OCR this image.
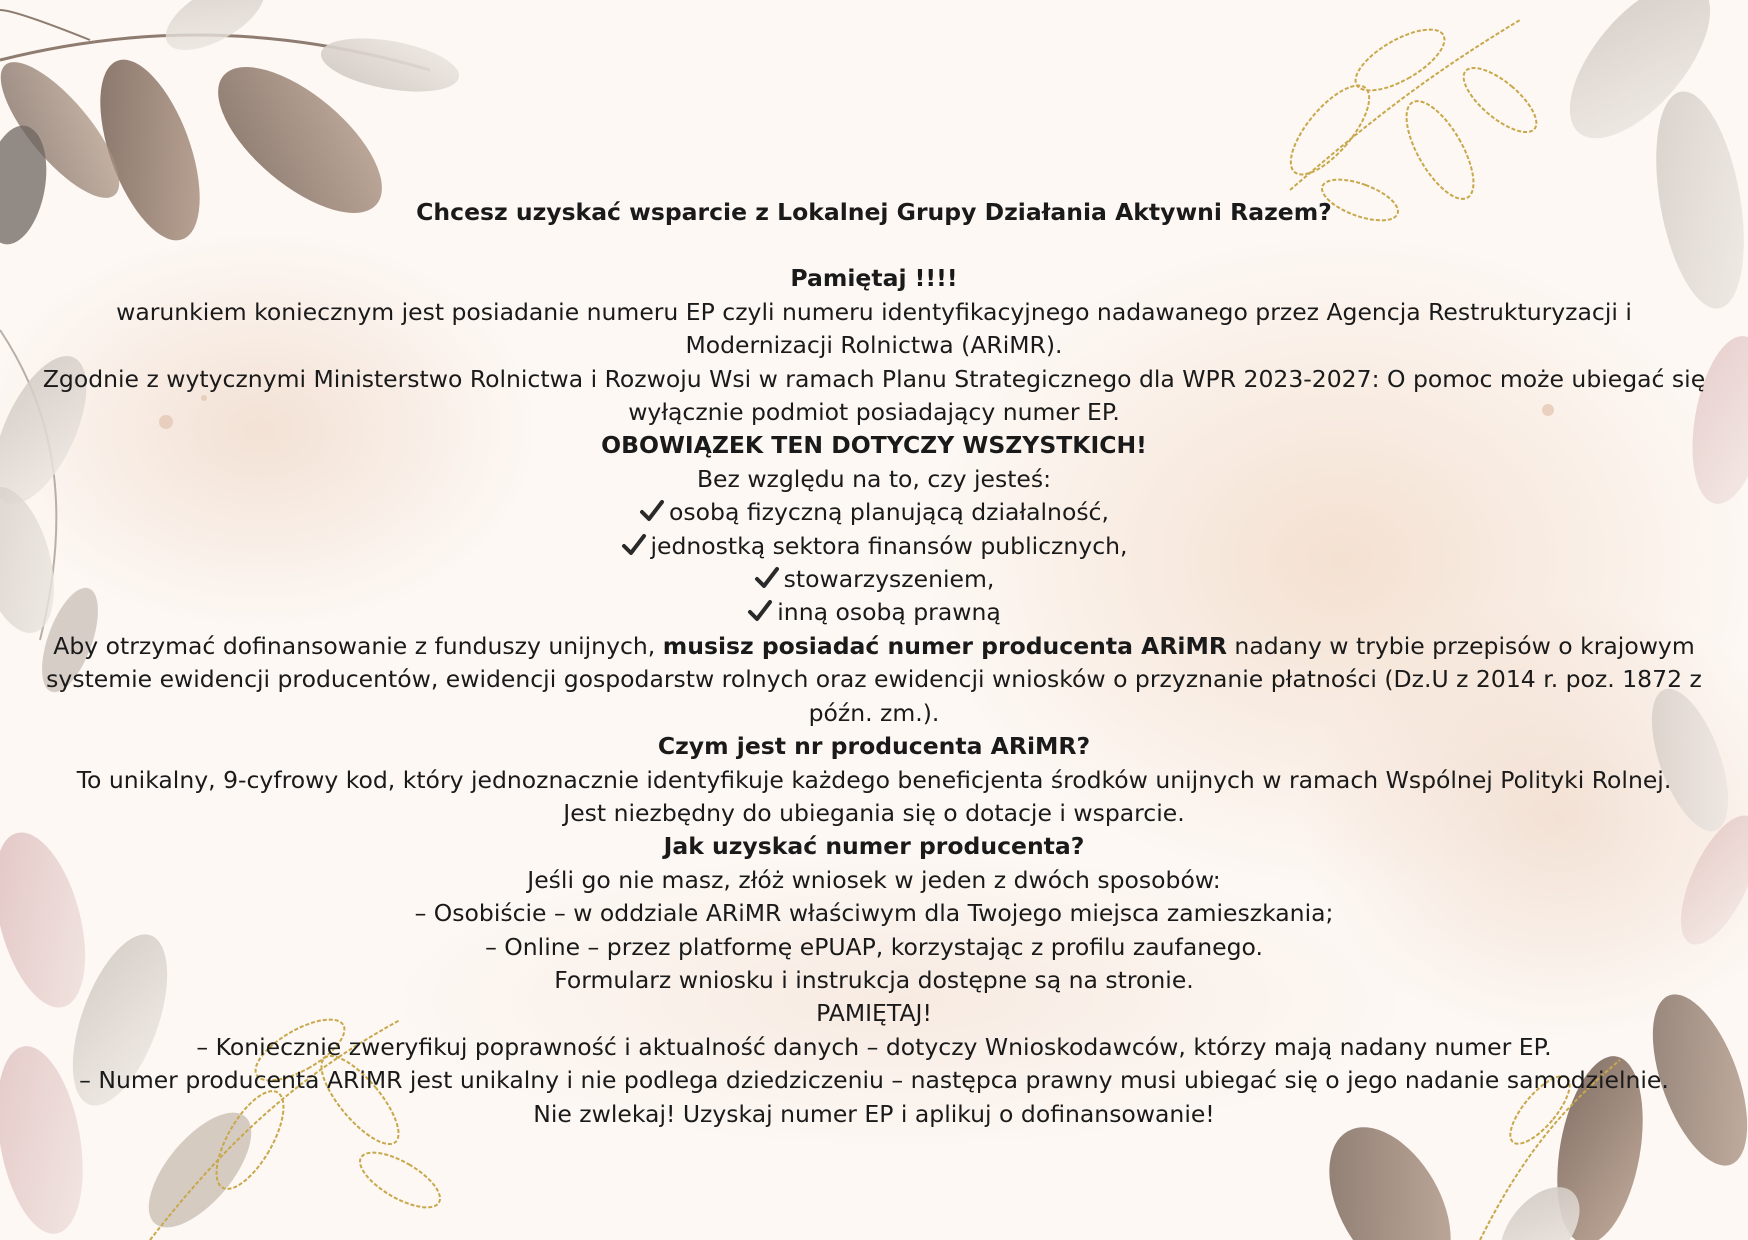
Chcesz uzyskać wsparcie z Lokalnej Grupy Działania Aktywni Razem?

Pamiętaj !!!!

warunkiem koniecznym jest posiadanie numeru EP czyli numeru identyfikacyjnego nadawanego przez Agencja Restrukturyzacji i Modernizacji Rolnictwa (ARiMR).

Zgodnie z wytycznymi Ministerstwo Rolnictwa i Rozwoju Wsi w ramach Planu Strategicznego dla WPR 2023-2027: O pomoc może ubiegać się wyłącznie podmiot posiadający numer EP.

OBOWIĄZEK TEN DOTYCZY WSZYSTKICH!

Bez względu na to, czy jesteś:

osobą fizyczną planującą działalność,

jednostką sektora finansów publicznych,

stowarzyszeniem,

inną osobą prawną

Aby otrzymać dofinansowanie z funduszy unijnych, musisz posiadać numer producenta ARiMR nadany w trybie przepisów o krajowym systemie ewidencji producentów, ewidencji gospodarstw rolnych oraz ewidencji wniosków o przyznanie płatności (Dz.U z 2014 r. poz. 1872 z późn. zm.).

Czym jest nr producenta ARiMR?

To unikalny, 9-cyfrowy kod, który jednoznacznie identyfikuje każdego beneficjenta środków unijnych w ramach Wspólnej Polityki Rolnej.

Jest niezbędny do ubiegania się o dotacje i wsparcie.

Jak uzyskać numer producenta?

Jeśli go nie masz, złóż wniosek w jeden z dwóch sposobów:

– Osobiście – w oddziale ARiMR właściwym dla Twojego miejsca zamieszkania;

– Online – przez platformę ePUAP, korzystając z profilu zaufanego.

Formularz wniosku i instrukcja dostępne są na stronie.

PAMIĘTAJ!

– Koniecznie zweryfikuj poprawność i aktualność danych – dotyczy Wnioskodawców, którzy mają nadany numer EP.

– Numer producenta ARiMR jest unikalny i nie podlega dziedziczeniu – następca prawny musi ubiegać się o jego nadanie samodzielnie.

Nie zwlekaj! Uzyskaj numer EP i aplikuj o dofinansowanie!
